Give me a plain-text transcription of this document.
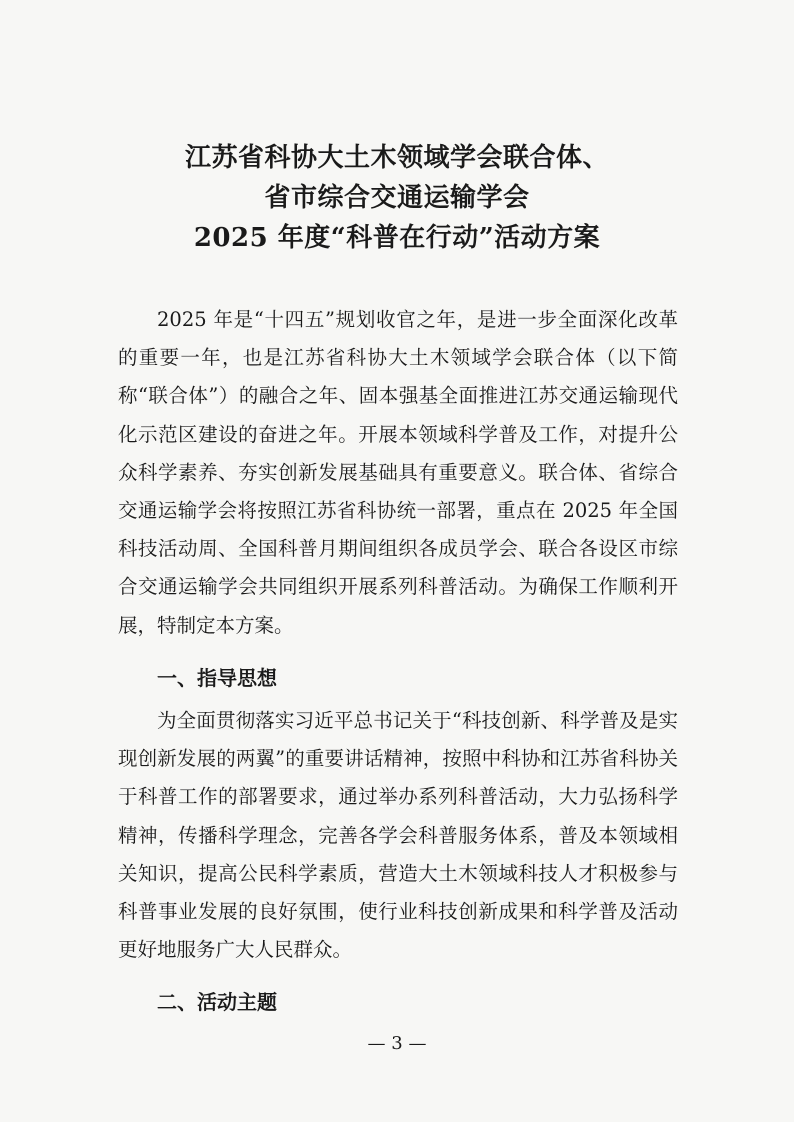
江苏省科协大土木领域学会联合体、
省市综合交通运输学会
2025 年度“科普在行动”活动方案

2025 年是“十四五”规划收官之年，是进一步全面深化改革的重要一年，也是江苏省科协大土木领域学会联合体（以下简称“联合体”）的融合之年、固本强基全面推进江苏交通运输现代化示范区建设的奋进之年。开展本领域科学普及工作，对提升公众科学素养、夯实创新发展基础具有重要意义。联合体、省综合交通运输学会将按照江苏省科协统一部署，重点在 2025 年全国科技活动周、全国科普月期间组织各成员学会、联合各设区市综合交通运输学会共同组织开展系列科普活动。为确保工作顺利开展，特制定本方案。

一、指导思想

为全面贯彻落实习近平总书记关于“科技创新、科学普及是实现创新发展的两翼”的重要讲话精神，按照中科协和江苏省科协关于科普工作的部署要求，通过举办系列科普活动，大力弘扬科学精神，传播科学理念，完善各学会科普服务体系，普及本领域相关知识，提高公民科学素质，营造大土木领域科技人才积极参与科普事业发展的良好氛围，使行业科技创新成果和科学普及活动更好地服务广大人民群众。

二、活动主题
— 3 —
